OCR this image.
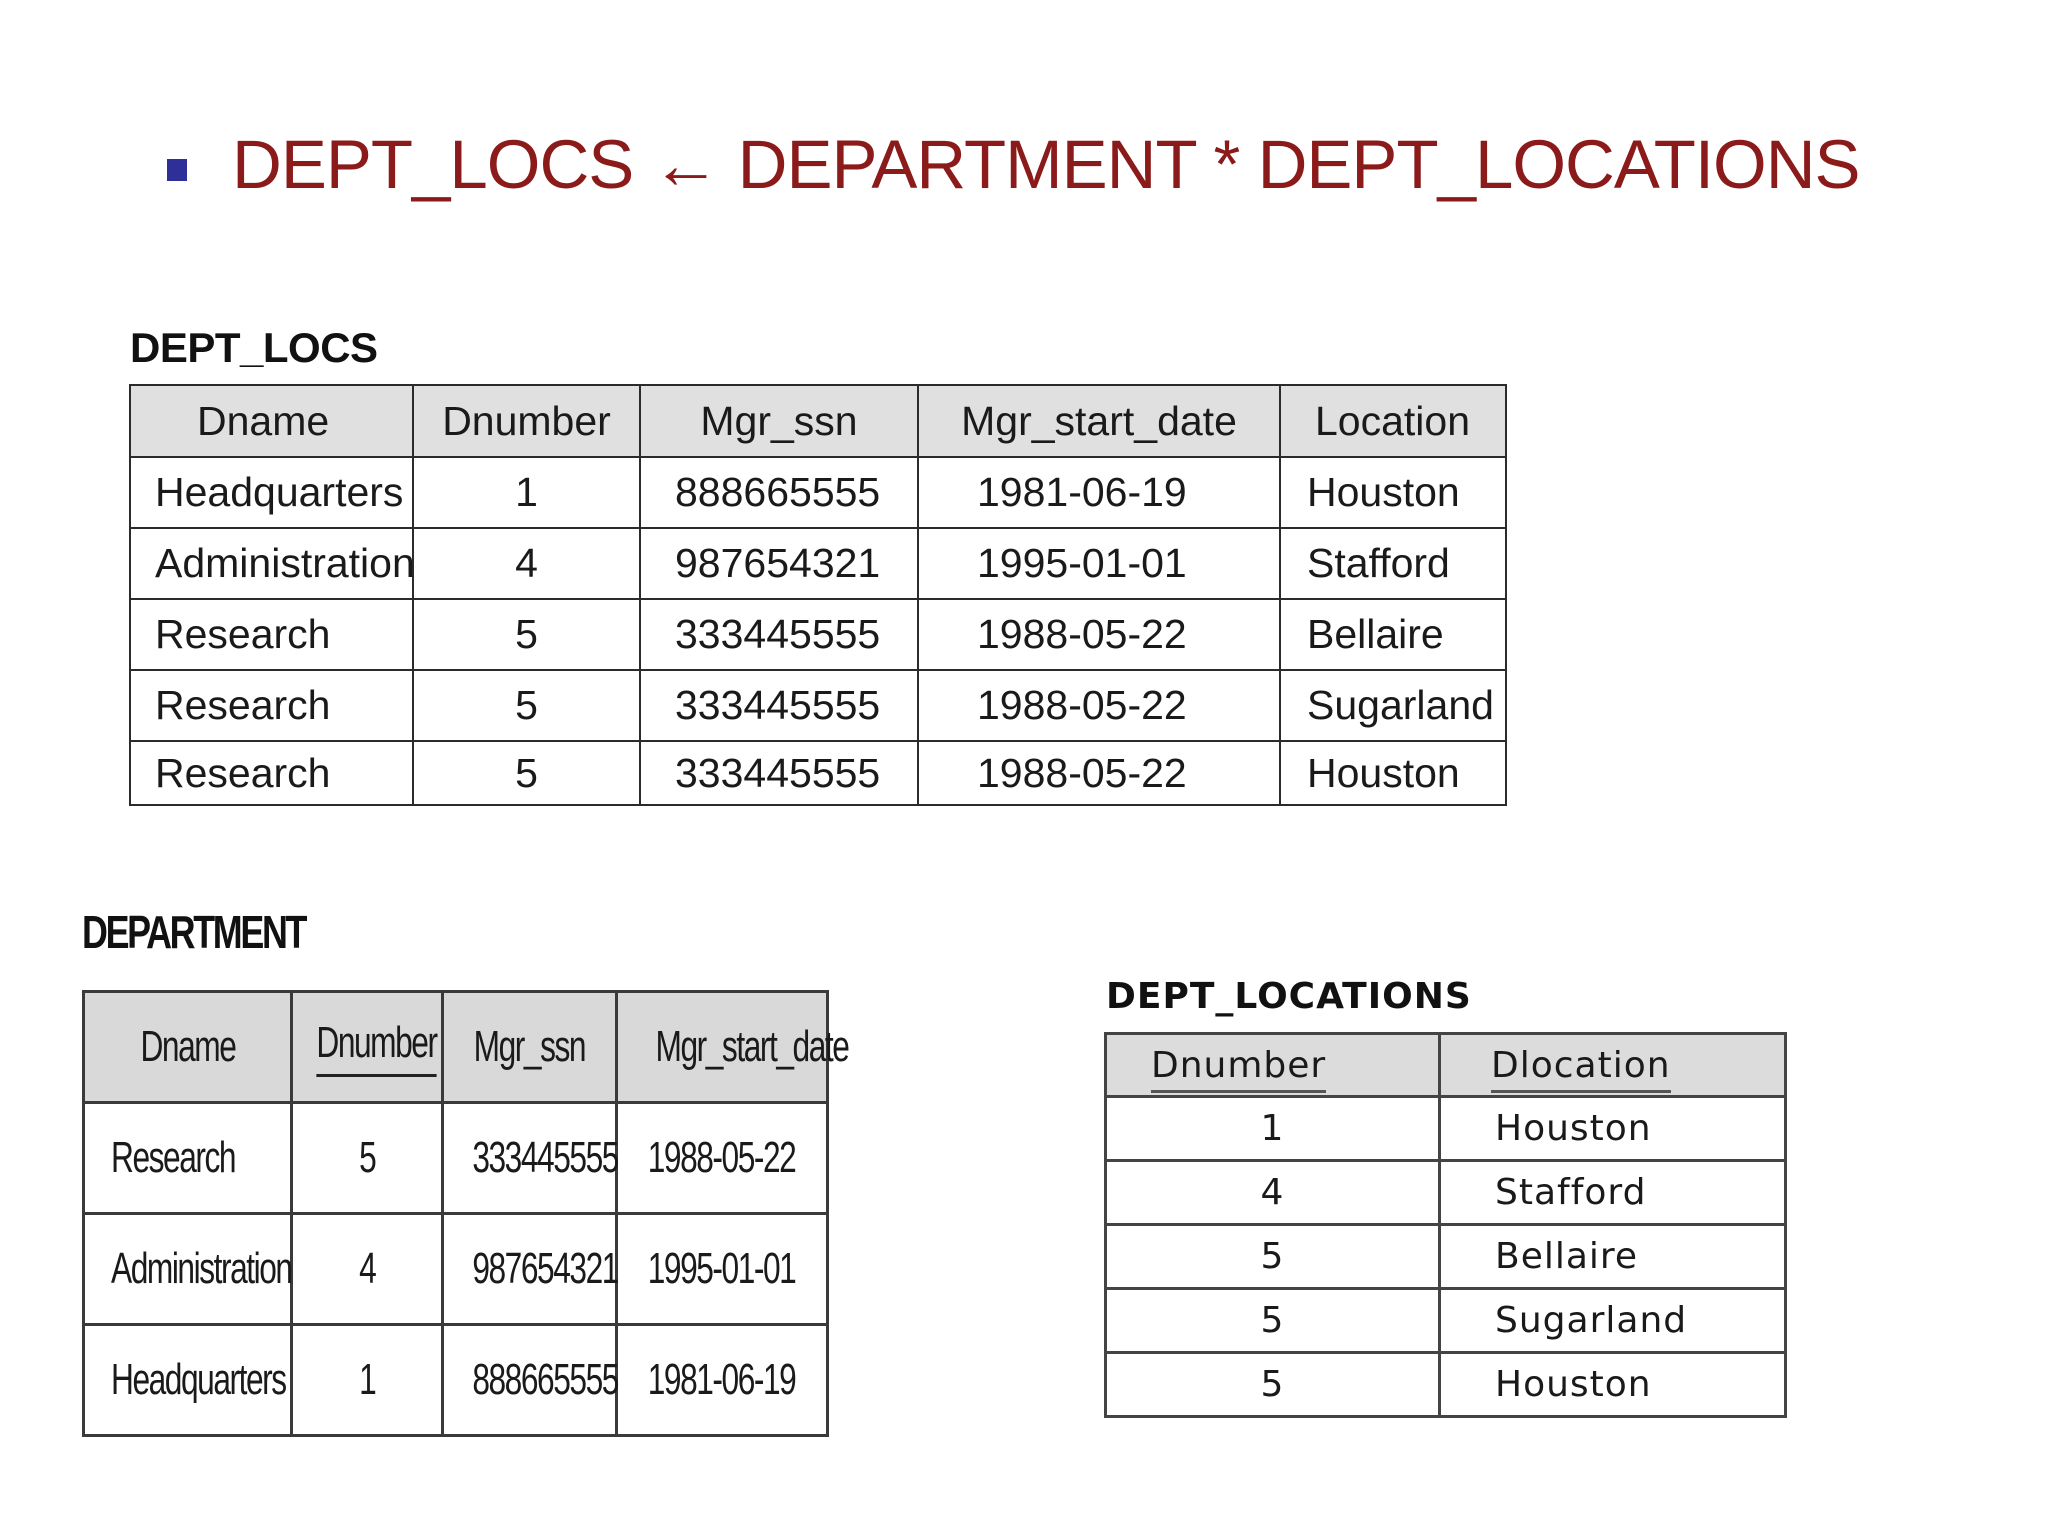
DEPT_LOCS ← DEPARTMENT * DEPT_LOCATIONS
DEPT_LOCS
Dname	Dnumber	Mgr_ssn	Mgr_start_date	Location
Headquarters	1	888665555	1981-06-19	Houston
Administration	4	987654321	1995-01-01	Stafford
Research	5	333445555	1988-05-22	Bellaire
Research	5	333445555	1988-05-22	Sugarland
Research	5	333445555	1988-05-22	Houston
DEPARTMENT
Dname	Dnumber	Mgr_ssn	Mgr_start_date
Research	5	333445555	1988-05-22
Administration	4	987654321	1995-01-01
Headquarters	1	888665555	1981-06-19
DEPT_LOCATIONS
Dnumber	Dlocation
1	Houston
4	Stafford
5	Bellaire
5	Sugarland
5	Houston
